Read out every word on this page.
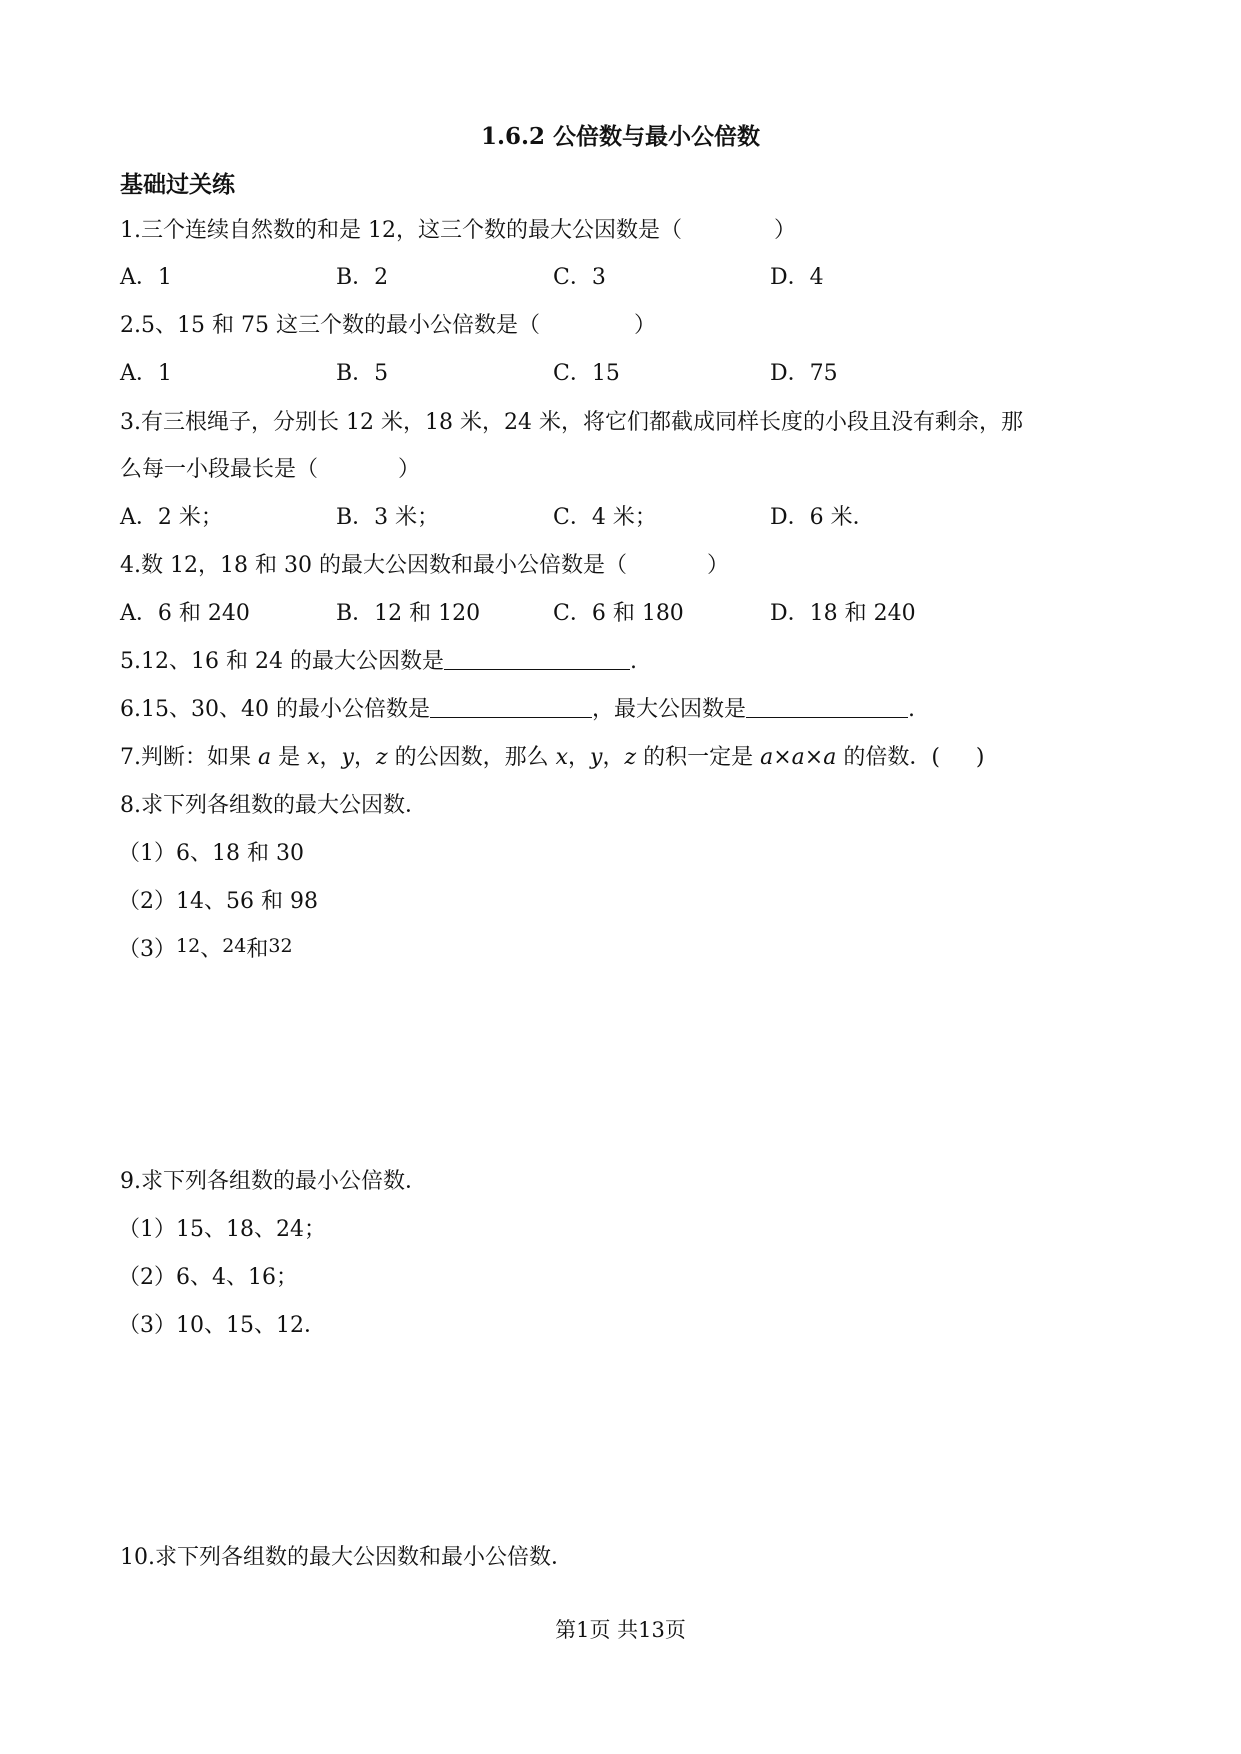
1.6.2 公倍数与最小公倍数
基础过关练
1.三个连续自然数的和是 12，这三个数的最大公因数是（	）
A．1	B．2	C．3	D．4
2.5、15 和 75 这三个数的最小公倍数是（	）
A．1	B．5	C．15	D．75
3.有三根绳子，分别长 12 米，18 米，24 米，将它们都截成同样长度的小段且没有剩余，那
么每一小段最长是（	）
A．2 米；	B．3 米；	C．4 米；	D．6 米．
4.数 12，18 和 30 的最大公因数和最小公倍数是（	）
A．6 和 240	B．12 和 120	C．6 和 180	D．18 和 240
5.12、16 和 24 的最大公因数是	.
6.15、30、40 的最小公倍数是	，最大公因数是	.
7.判断：如果 a 是 x，y，z 的公因数，那么 x，y，z 的积一定是 a×a×a 的倍数．( )
8.求下列各组数的最大公因数．
（1）6、18 和 30
（2）14、56 和 98
（3）12、24和32
9.求下列各组数的最小公倍数．
（1）15、18、24；
（2）6、4、16；
（3）10、15、12．
10.求下列各组数的最大公因数和最小公倍数．
第1页 共13页
